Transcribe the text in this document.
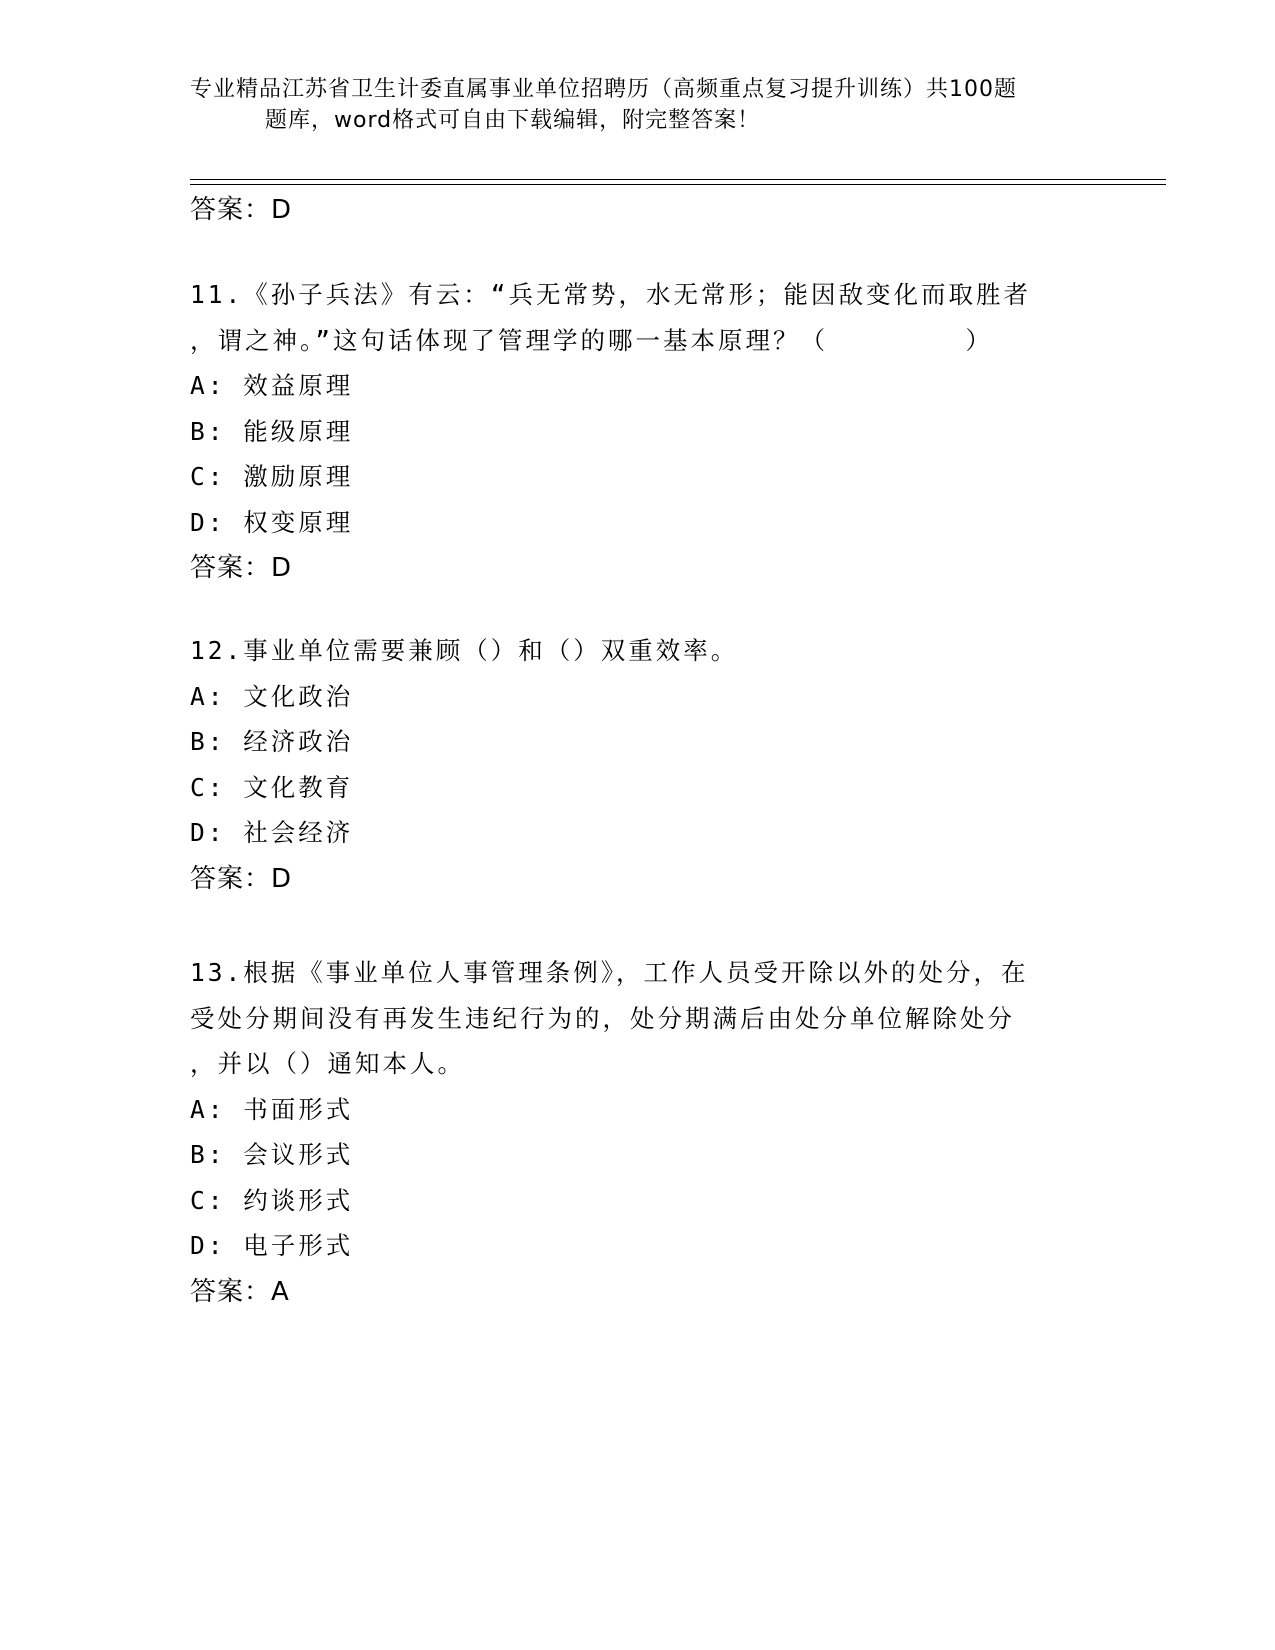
专业精品江苏省卫生计委直属事业单位招聘历（高频重点复习提升训练）共100题
题库，word格式可自由下载编辑，附完整答案！
答案：D
11.《孙子兵法》有云：“兵无常势，水无常形；能因敌变化而取胜者
，谓之神。”这句话体现了管理学的哪一基本原理？（　　　　　）
A: 效益原理
B: 能级原理
C: 激励原理
D: 权变原理
答案：D
12.事业单位需要兼顾（）和（）双重效率。
A: 文化政治
B: 经济政治
C: 文化教育
D: 社会经济
答案：D
13.根据《事业单位人事管理条例》，工作人员受开除以外的处分，在
受处分期间没有再发生违纪行为的，处分期满后由处分单位解除处分
，并以（）通知本人。
A: 书面形式
B: 会议形式
C: 约谈形式
D: 电子形式
答案：A
